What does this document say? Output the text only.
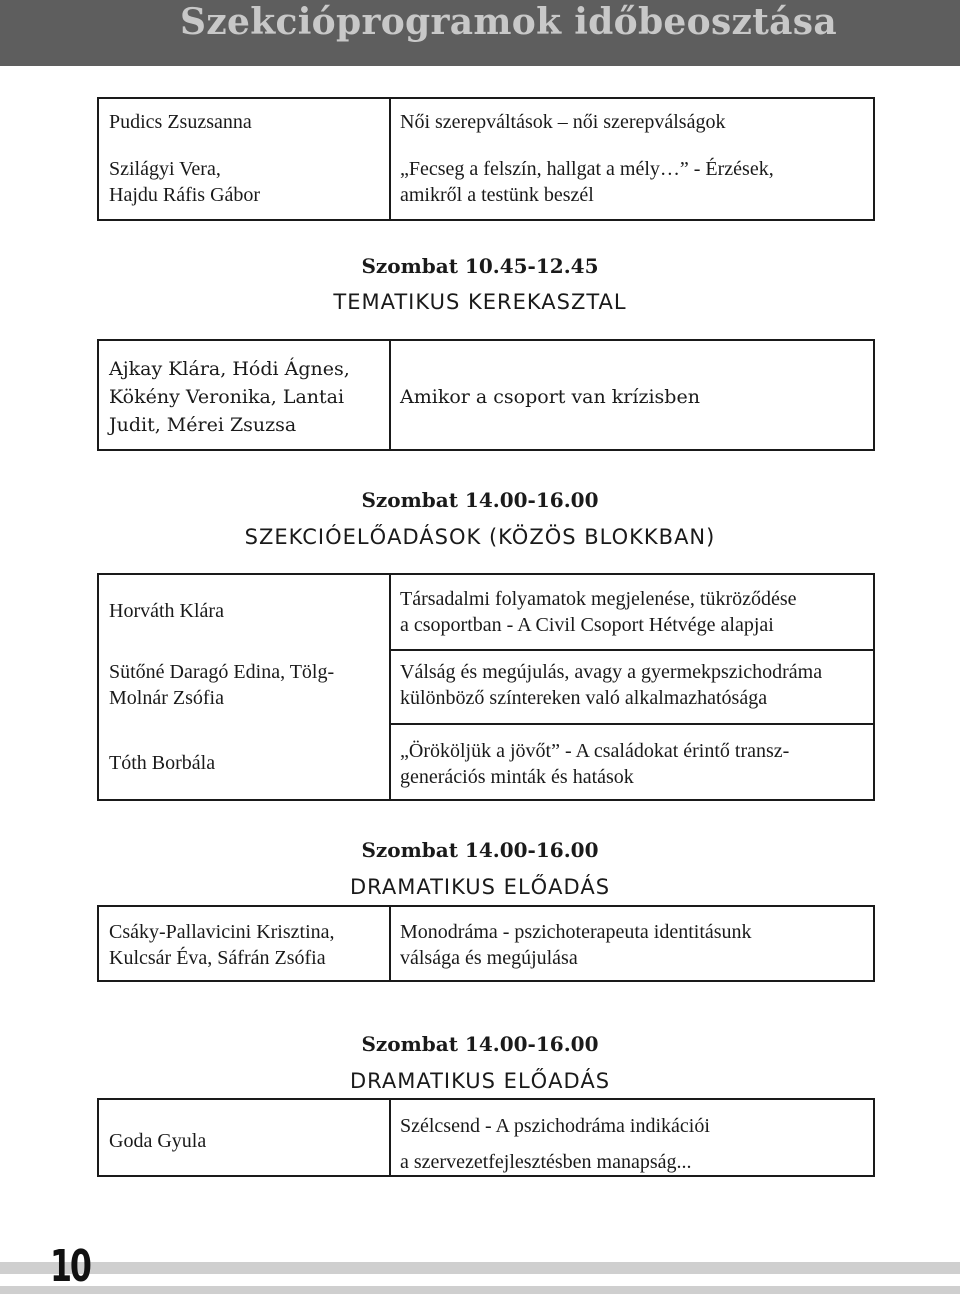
Szekcióprogramok időbeosztása
Pudics Zsuzsanna	Női szerepváltások – női szerepválságok
Szilágyi Vera,
Hajdu Ráfis Gábor
„Fecseg a felszín, hallgat a mély…” - Érzések,
amikről a testünk beszél
Szombat 10.45-12.45
TEMATIKUS KEREKASZTAL
Ajkay Klára, Hódi Ágnes,
Kökény Veronika, Lantai
Judit, Mérei Zsuzsa
Amikor a csoport van krízisben
Szombat 14.00-16.00
SZEKCIÓELŐADÁSOK (KÖZÖS BLOKKBAN)
Horváth Klára
Társadalmi folyamatok megjelenése, tükröződése
a csoportban - A Civil Csoport Hétvége alapjai
Sütőné Daragó Edina, Tölg-
Molnár Zsófia
Válság és megújulás, avagy a gyermekpszichodráma
különböző színtereken való alkalmazhatósága
Tóth Borbála
„Örököljük a jövőt” - A családokat érintő transz-
generációs minták és hatások
Szombat 14.00-16.00
DRAMATIKUS ELŐADÁS
Csáky-Pallavicini Krisztina,
Kulcsár Éva, Sáfrán Zsófia
Monodráma - pszichoterapeuta identitásunk
válsága és megújulása
Szombat 14.00-16.00
DRAMATIKUS ELŐADÁS
Goda Gyula
Szélcsend - A pszichodráma indikációi
a szervezetfejlesztésben manapság...
10
